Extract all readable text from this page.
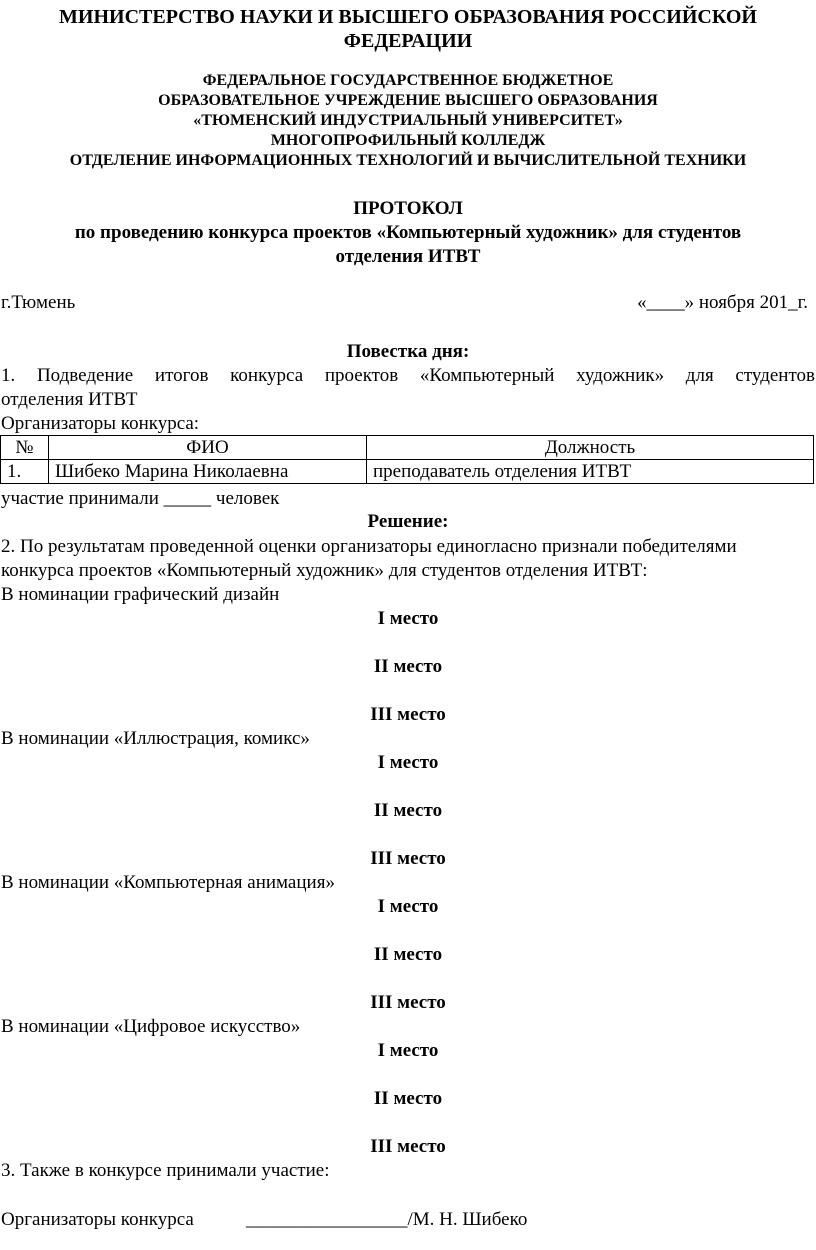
МИНИСТЕРСТВО НАУКИ И ВЫСШЕГО ОБРАЗОВАНИЯ РОССИЙСКОЙ
ФЕДЕРАЦИИ
ФЕДЕРАЛЬНОЕ ГОСУДАРСТВЕННОЕ БЮДЖЕТНОЕ
ОБРАЗОВАТЕЛЬНОЕ УЧРЕЖДЕНИЕ ВЫСШЕГО ОБРАЗОВАНИЯ
«ТЮМЕНСКИЙ ИНДУСТРИАЛЬНЫЙ УНИВЕРСИТЕТ»
МНОГОПРОФИЛЬНЫЙ КОЛЛЕДЖ
ОТДЕЛЕНИЕ ИНФОРМАЦИОННЫХ ТЕХНОЛОГИЙ И ВЫЧИСЛИТЕЛЬНОЙ ТЕХНИКИ
ПРОТОКОЛ
по проведению конкурса проектов «Компьютерный художник» для студентов
отделения ИТВТ
г.Тюмень	«____» ноября 201_г.
Повестка дня:
1. Подведение итогов конкурса проектов «Компьютерный художник» для студентов
отделения ИТВТ
Организаторы конкурса:
№	ФИО	Должность
1.	Шибеко Марина Николаевна	преподаватель отделения ИТВТ
участие принимали _____ человек
Решение:
2. По результатам проведенной оценки организаторы единогласно признали победителями
конкурса проектов «Компьютерный художник» для студентов отделения ИТВТ:
В номинации графический дизайн
I место
II место
III место
В номинации «Иллюстрация, комикс»
I место
II место
III место
В номинации «Компьютерная анимация»
I место
II место
III место
В номинации «Цифровое искусство»
I место
II место
III место
3. Также в конкурсе принимали участие:
Организаторы конкурса	_________________/М. Н. Шибеко
